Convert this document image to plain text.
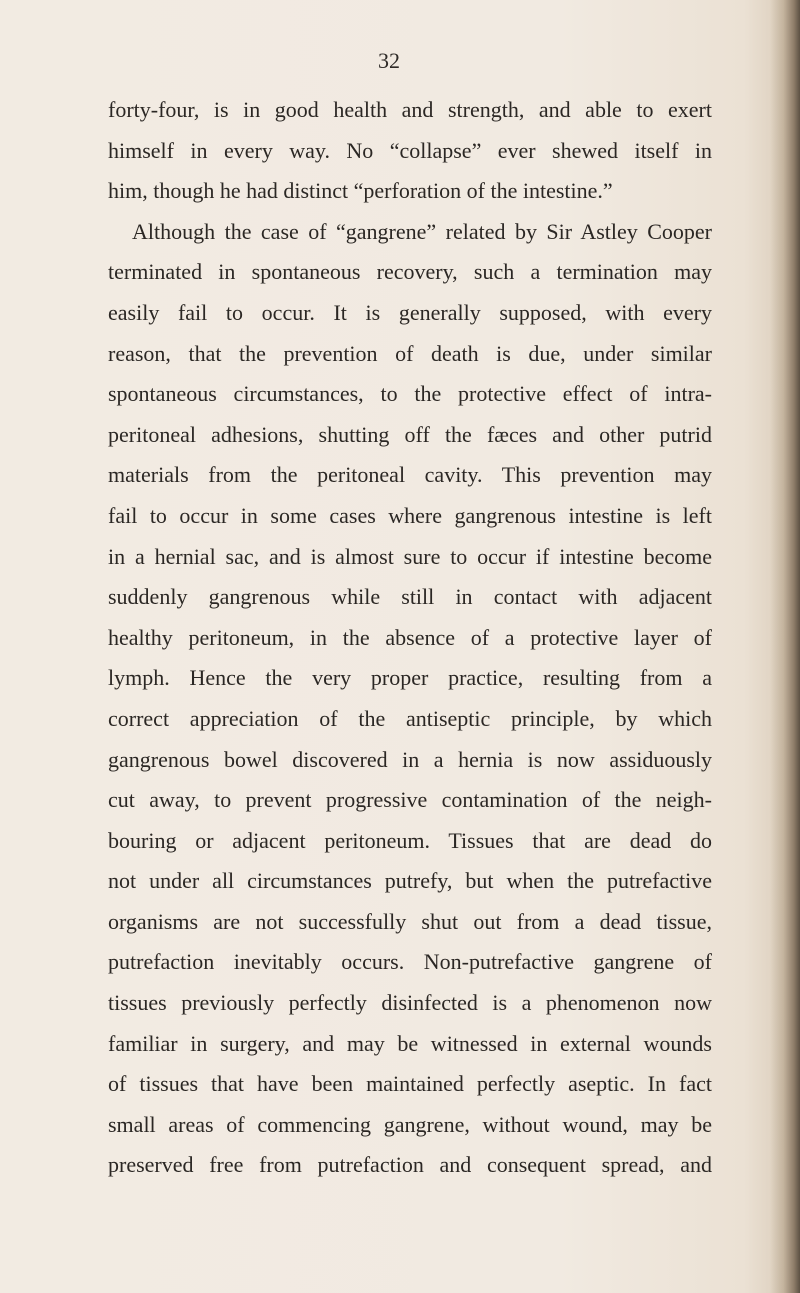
32
forty-four, is in good health and strength, and able to exert
himself in every way. No “collapse” ever shewed itself in
him, though he had distinct “perforation of the intestine.”
Although the case of “gangrene” related by Sir Astley Cooper
terminated in spontaneous recovery, such a termination may
easily fail to occur. It is generally supposed, with every
reason, that the prevention of death is due, under similar
spontaneous circumstances, to the protective effect of intra-
peritoneal adhesions, shutting off the fæces and other putrid
materials from the peritoneal cavity. This prevention may
fail to occur in some cases where gangrenous intestine is left
in a hernial sac, and is almost sure to occur if intestine become
suddenly gangrenous while still in contact with adjacent
healthy peritoneum, in the absence of a protective layer of
lymph. Hence the very proper practice, resulting from a
correct appreciation of the antiseptic principle, by which
gangrenous bowel discovered in a hernia is now assiduously
cut away, to prevent progressive contamination of the neigh-
bouring or adjacent peritoneum. Tissues that are dead do
not under all circumstances putrefy, but when the putrefactive
organisms are not successfully shut out from a dead tissue,
putrefaction inevitably occurs. Non-putrefactive gangrene of
tissues previously perfectly disinfected is a phenomenon now
familiar in surgery, and may be witnessed in external wounds
of tissues that have been maintained perfectly aseptic. In fact
small areas of commencing gangrene, without wound, may be
preserved free from putrefaction and consequent spread, and
